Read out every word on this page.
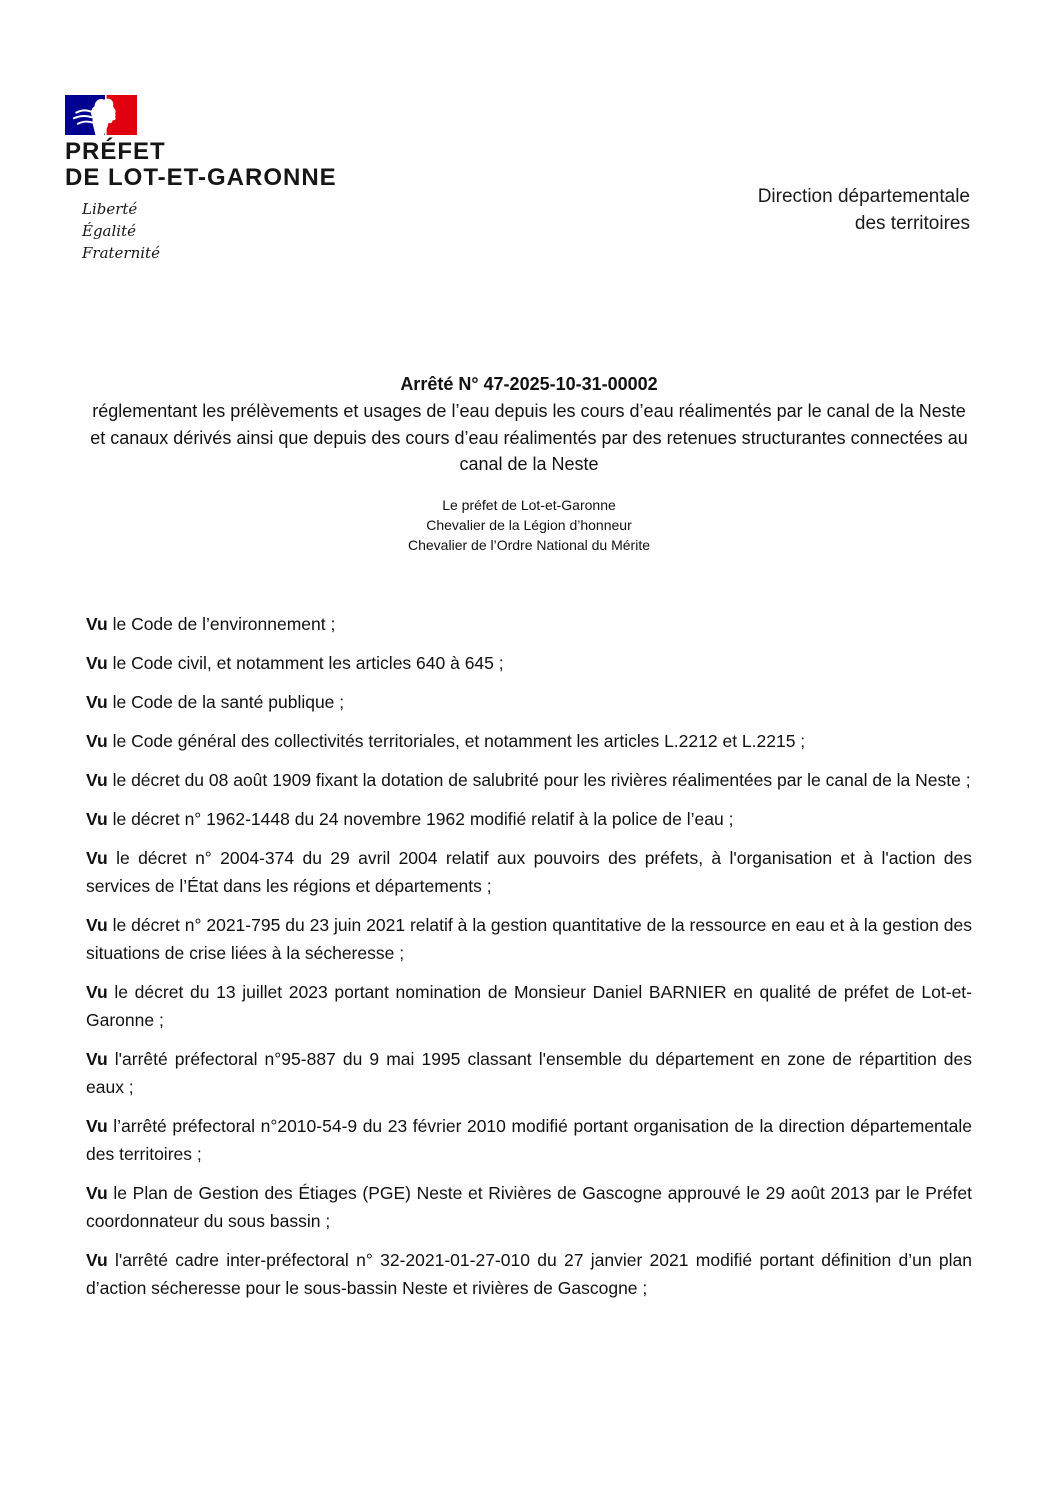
PRÉFET
DE LOT-ET-GARONNE
Liberté
Égalité
Fraternité
Direction départementale
des territoires
Arrêté N° 47-2025-10-31-00002
réglementant les prélèvements et usages de l’eau depuis les cours d’eau réalimentés par le canal de la Neste et canaux dérivés ainsi que depuis des cours d’eau réalimentés par des retenues structurantes connectées au canal de la Neste
Le préfet de Lot-et-Garonne
Chevalier de la Légion d’honneur
Chevalier de l’Ordre National du Mérite

Vu le Code de l’environnement ;

Vu le Code civil, et notamment les articles 640 à 645 ;

Vu le Code de la santé publique ;

Vu le Code général des collectivités territoriales, et notamment les articles L.2212 et L.2215 ;

Vu le décret du 08 août 1909 fixant la dotation de salubrité pour les rivières réalimentées par le canal de la Neste ;

Vu le décret n° 1962-1448 du 24 novembre 1962 modifié relatif à la police de l’eau ;

Vu le décret n° 2004-374 du 29 avril 2004 relatif aux pouvoirs des préfets, à l'organisation et à l'action des services de l’État dans les régions et départements ;

Vu le décret n° 2021-795 du 23 juin 2021 relatif à la gestion quantitative de la ressource en eau et à la gestion des situations de crise liées à la sécheresse ;

Vu le décret du 13 juillet 2023 portant nomination de Monsieur Daniel BARNIER en qualité de préfet de Lot-et-Garonne ;

Vu l'arrêté préfectoral n°95-887 du 9 mai 1995 classant l'ensemble du département en zone de répartition des eaux ;

Vu l’arrêté préfectoral n°2010-54-9 du 23 février 2010 modifié portant organisation de la direction départementale des territoires ;

Vu le Plan de Gestion des Étiages (PGE) Neste et Rivières de Gascogne approuvé le 29 août 2013 par le Préfet coordonnateur du sous bassin ;

Vu l'arrêté cadre inter-préfectoral n° 32-2021-01-27-010 du 27 janvier 2021 modifié portant définition d’un plan d’action sécheresse pour le sous-bassin Neste et rivières de Gascogne ;
